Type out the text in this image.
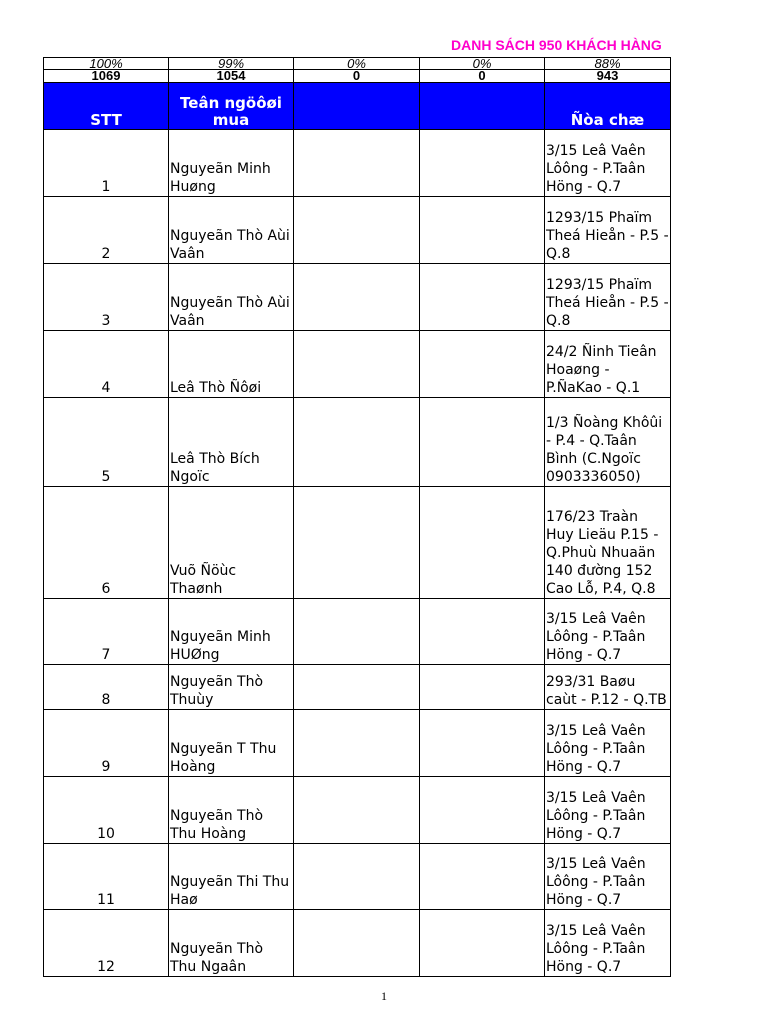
DANH SÁCH 950 KHÁCH HÀNG
100%	99%	0%	0%	88%
1069	1054	0	0	943
STT	Teân ngöôøi mua			Ñòa chæ
1	Nguyeãn Minh Huøng			3/15 Leâ Vaên Lôông - P.Taân Höng - Q.7
2	Nguyeãn Thò Aùi Vaân			1293/15 Phaïm Theá Hieån - P.5 - Q.8
3	Nguyeãn Thò Aùi Vaân			1293/15 Phaïm Theá Hieån - P.5 - Q.8
4	Leâ Thò Ñôøi			24/2 Ñinh Tieân Hoaøng - P.ÑaKao - Q.1
5	Leâ Thò Bích Ngoïc			1/3 Ñoàng Khôûi - P.4 - Q.Taân Bình (C.Ngoïc 0903336050)
6	Vuõ Ñöùc Thaønh			176/23 Traàn Huy Lieäu P.15 - Q.Phuù Nhuaän 140 đường 152 Cao Lỗ, P.4, Q.8
7	Nguyeãn Minh HUØng			3/15 Leâ Vaên Lôông - P.Taân Höng - Q.7
8	Nguyeãn Thò Thuùy			293/31 Baøu caùt - P.12 - Q.TB
9	Nguyeãn T Thu Hoàng			3/15 Leâ Vaên Lôông - P.Taân Höng - Q.7
10	Nguyeãn Thò Thu Hoàng			3/15 Leâ Vaên Lôông - P.Taân Höng - Q.7
11	Nguyeãn Thi Thu Haø			3/15 Leâ Vaên Lôông - P.Taân Höng - Q.7
12	Nguyeãn Thò Thu Ngaân			3/15 Leâ Vaên Lôông - P.Taân Höng - Q.7
1
